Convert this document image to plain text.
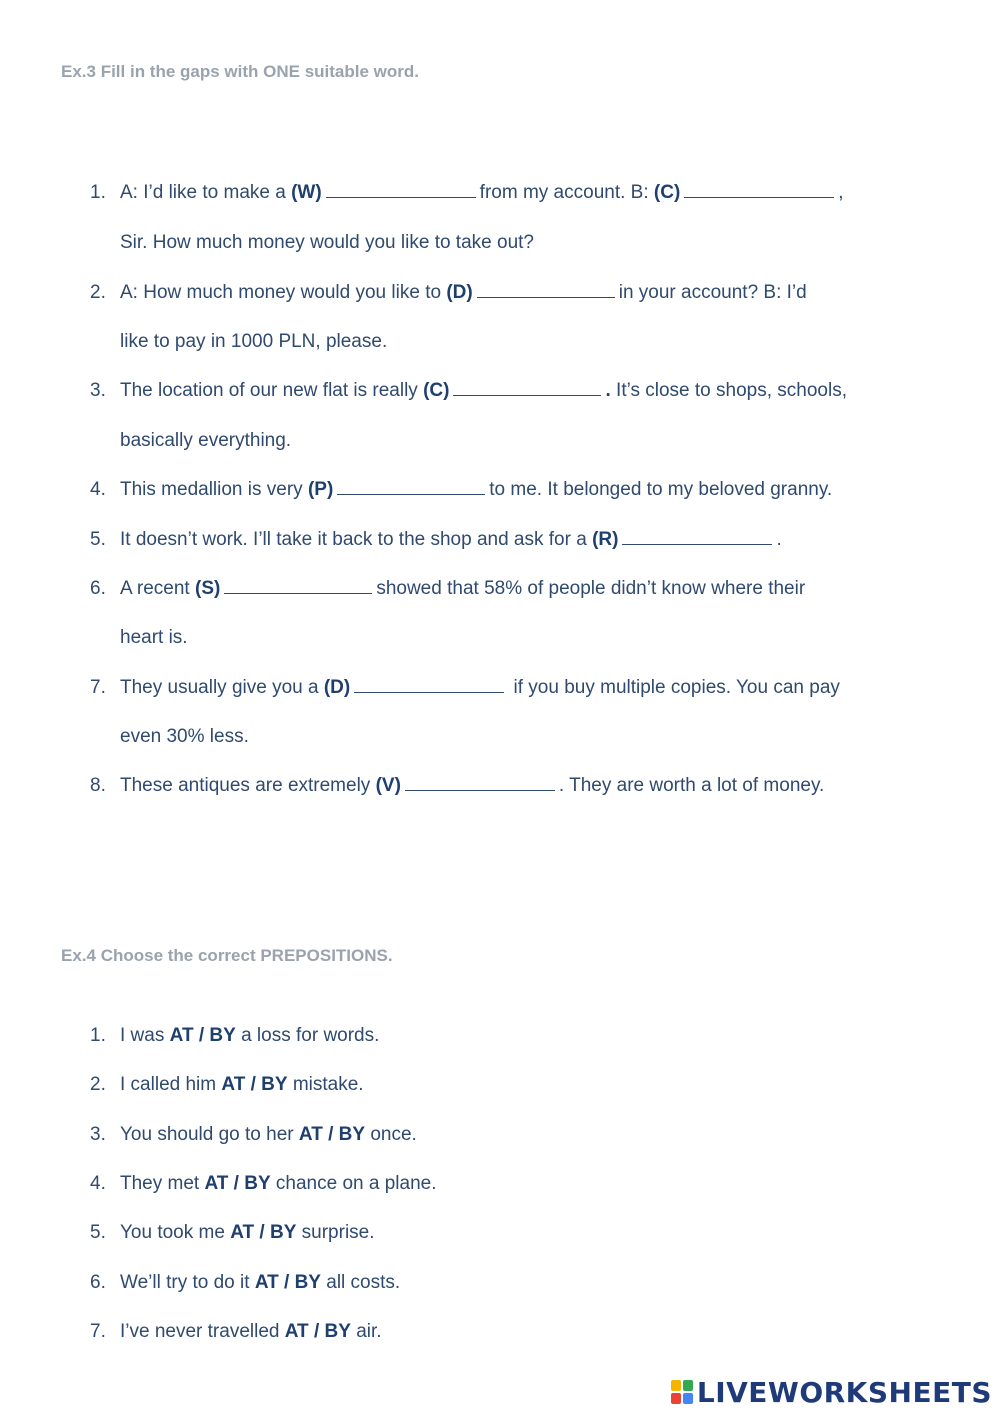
Ex.3 Fill in the gaps with ONE suitable word.
1. A: I’d like to make a (W)	from my account. B: (C)	,
Sir. How much money would you like to take out?
2. A: How much money would you like to (D)	in your account? B: I’d
like to pay in 1000 PLN, please.
3. The location of our new flat is really (C)	. It’s close to shops, schools,
basically everything.
4. This medallion is very (P)	to me. It belonged to my beloved granny.
5. It doesn’t work. I’ll take it back to the shop and ask for a (R)	.
6. A recent (S)	showed that 58% of people didn’t know where their
heart is.
7. They usually give you a (D)	if you buy multiple copies. You can pay
even 30% less.
8. These antiques are extremely (V)	. They are worth a lot of money.
Ex.4 Choose the correct PREPOSITIONS.
1. I was AT / BY a loss for words.
2. I called him AT / BY mistake.
3. You should go to her AT / BY once.
4. They met AT / BY chance on a plane.
5. You took me AT / BY surprise.
6. We’ll try to do it AT / BY all costs.
7. I’ve never travelled AT / BY air.
LIVEWORKSHEETS
